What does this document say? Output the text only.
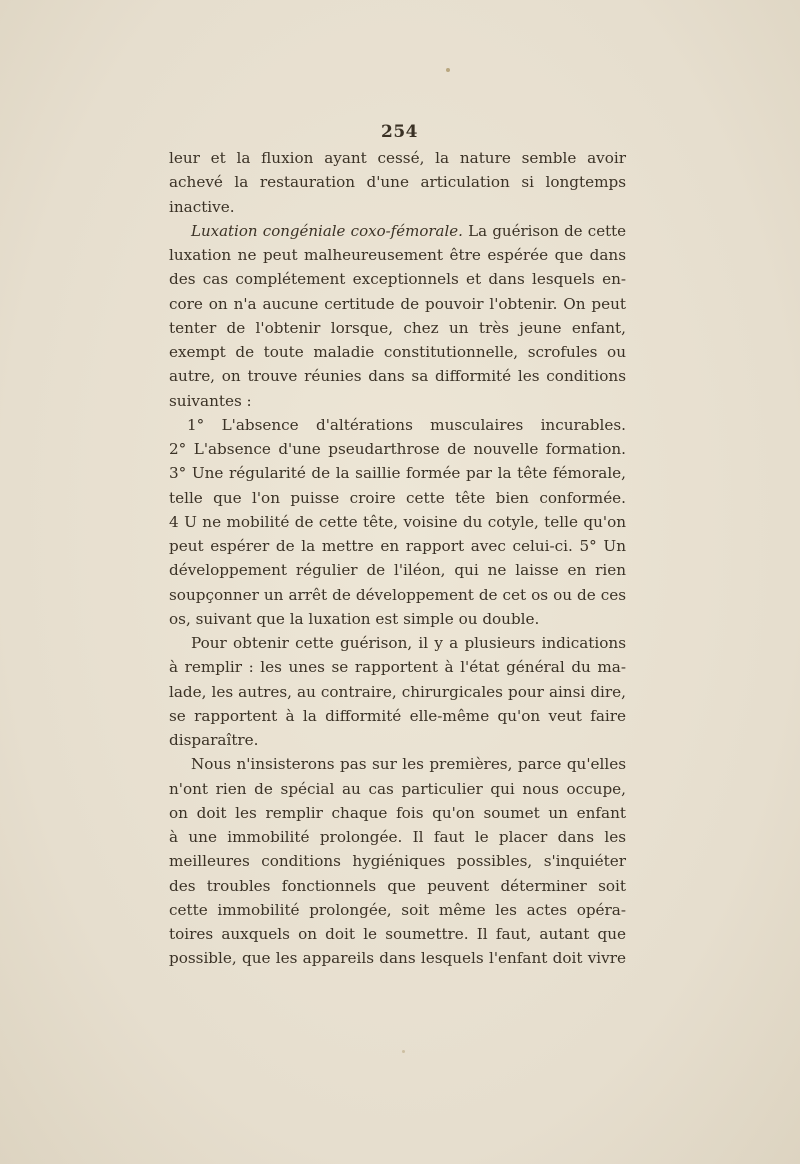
254
leur et la fluxion ayant cessé, la nature semble avoir
achevé la restauration d'une articulation si longtemps
inactive.
Luxation congéniale coxo-fémorale. La guérison de cette
luxation ne peut malheureusement être espérée que dans
des cas complétement exceptionnels et dans lesquels en-
core on n'a aucune certitude de pouvoir l'obtenir. On peut
tenter de l'obtenir lorsque, chez un très jeune enfant,
exempt de toute maladie constitutionnelle, scrofules ou
autre, on trouve réunies dans sa difformité les conditions
suivantes :
1° L'absence d'altérations musculaires incurables.
2° L'absence d'une pseudarthrose de nouvelle formation.
3° Une régularité de la saillie formée par la tête fémorale,
telle que l'on puisse croire cette tête bien conformée.
4 U ne mobilité de cette tête, voisine du cotyle, telle qu'on
peut espérer de la mettre en rapport avec celui-ci. 5° Un
développement régulier de l'iléon, qui ne laisse en rien
soupçonner un arrêt de développement de cet os ou de ces
os, suivant que la luxation est simple ou double.
Pour obtenir cette guérison, il y a plusieurs indications
à remplir : les unes se rapportent à l'état général du ma-
lade, les autres, au contraire, chirurgicales pour ainsi dire,
se rapportent à la difformité elle-même qu'on veut faire
disparaître.
Nous n'insisterons pas sur les premières, parce qu'elles
n'ont rien de spécial au cas particulier qui nous occupe,
on doit les remplir chaque fois qu'on soumet un enfant
à une immobilité prolongée. Il faut le placer dans les
meilleures conditions hygiéniques possibles, s'inquiéter
des troubles fonctionnels que peuvent déterminer soit
cette immobilité prolongée, soit même les actes opéra-
toires auxquels on doit le soumettre. Il faut, autant que
possible, que les appareils dans lesquels l'enfant doit vivre
